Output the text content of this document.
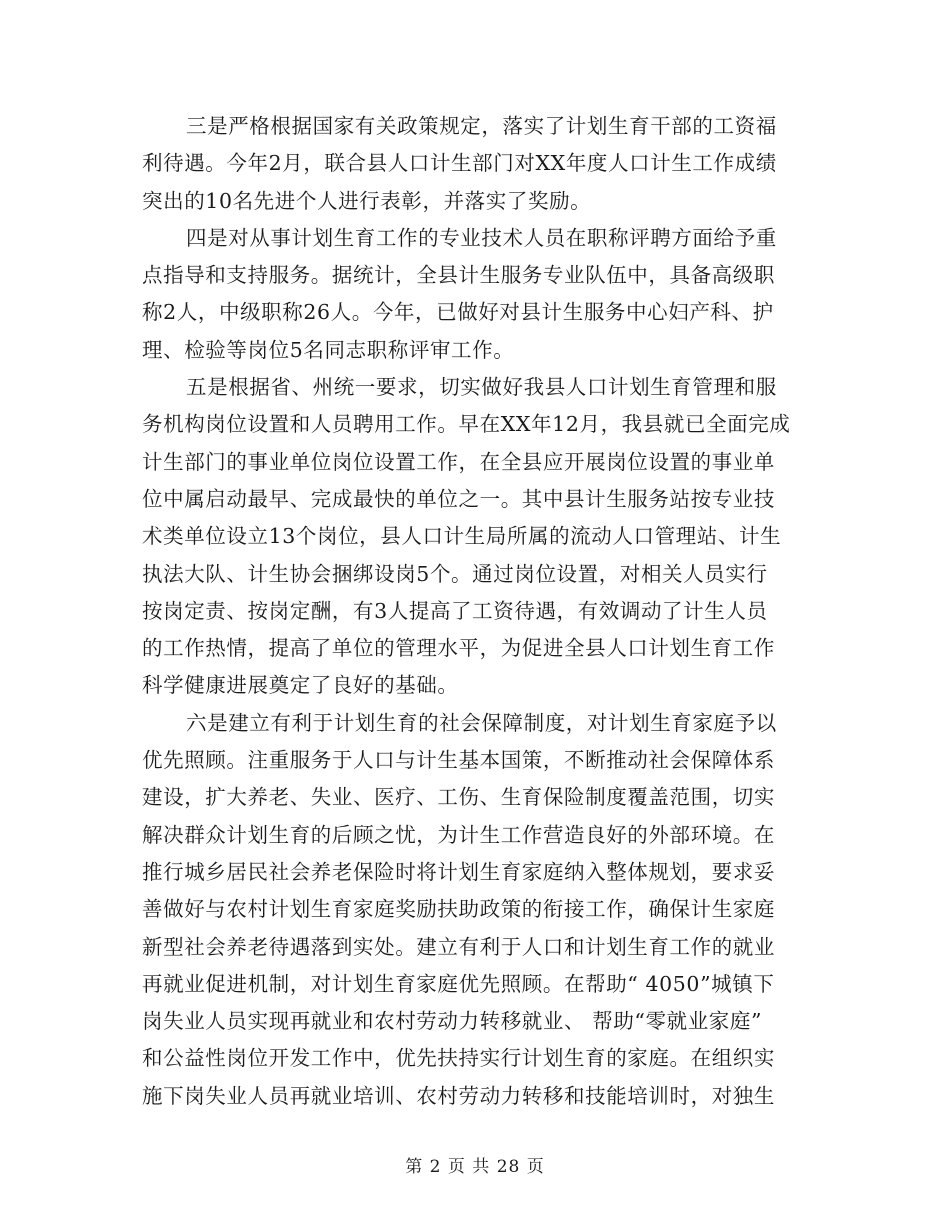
三是严格根据国家有关政策规定，落实了计划生育干部的工资福
利待遇。今年2月，联合县人口计生部门对XX年度人口计生工作成绩
突出的10名先进个人进行表彰，并落实了奖励。

四是对从事计划生育工作的专业技术人员在职称评聘方面给予重
点指导和支持服务。据统计，全县计生服务专业队伍中，具备高级职
称2人，中级职称26人。今年，已做好对县计生服务中心妇产科、护
理、检验等岗位5名同志职称评审工作。

五是根据省、州统一要求，切实做好我县人口计划生育管理和服
务机构岗位设置和人员聘用工作。早在XX年12月，我县就已全面完成
计生部门的事业单位岗位设置工作，在全县应开展岗位设置的事业单
位中属启动最早、完成最快的单位之一。其中县计生服务站按专业技
术类单位设立13个岗位，县人口计生局所属的流动人口管理站、计生
执法大队、计生协会捆绑设岗5个。通过岗位设置，对相关人员实行
按岗定责、按岗定酬，有3人提高了工资待遇，有效调动了计生人员
的工作热情，提高了单位的管理水平，为促进全县人口计划生育工作
科学健康进展奠定了良好的基础。

六是建立有利于计划生育的社会保障制度，对计划生育家庭予以
优先照顾。注重服务于人口与计生基本国策，不断推动社会保障体系
建设，扩大养老、失业、医疗、工伤、生育保险制度覆盖范围，切实
解决群众计划生育的后顾之忧，为计生工作营造良好的外部环境。在
推行城乡居民社会养老保险时将计划生育家庭纳入整体规划，要求妥
善做好与农村计划生育家庭奖励扶助政策的衔接工作，确保计生家庭
新型社会养老待遇落到实处。建立有利于人口和计划生育工作的就业
再就业促进机制，对计划生育家庭优先照顾。在帮助“ 4050”城镇下
岗失业人员实现再就业和农村劳动力转移就业、 帮助“零就业家庭”
和公益性岗位开发工作中，优先扶持实行计划生育的家庭。在组织实
施下岗失业人员再就业培训、农村劳动力转移和技能培训时，对独生

第 2 页 共 28 页
